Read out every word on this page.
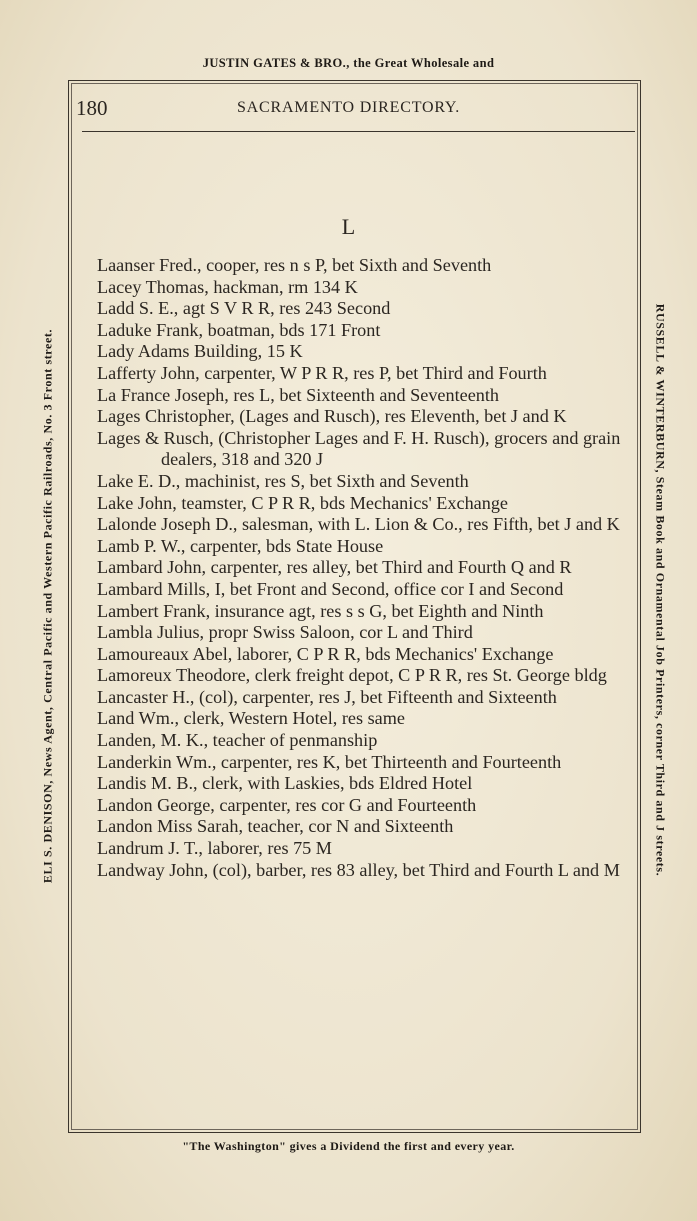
JUSTIN GATES & BRO., the Great Wholesale and
ELI S. DENISON, News Agent, Central Pacific and Western Pacific Railroads, No. 3 Front street.	RUSSELL & WINTERBURN, Steam Book and Ornamental Job Printers, corner Third and J streets.
180	SACRAMENTO DIRECTORY.
L
Laanser Fred., cooper, res n s P, bet Sixth and Seventh
Lacey Thomas, hackman, rm 134 K
Ladd S. E., agt S V R R, res 243 Second
Laduke Frank, boatman, bds 171 Front
Lady Adams Building, 15 K
Lafferty John, carpenter, W P R R, res P, bet Third and Fourth
La France Joseph, res L, bet Sixteenth and Seventeenth
Lages Christopher, (Lages and Rusch), res Eleventh, bet J and K
Lages & Rusch, (Christopher Lages and F. H. Rusch), grocers and grain dealers, 318 and 320 J
Lake E. D., machinist, res S, bet Sixth and Seventh
Lake John, teamster, C P R R, bds Mechanics' Exchange
Lalonde Joseph D., salesman, with L. Lion & Co., res Fifth, bet J and K
Lamb P. W., carpenter, bds State House
Lambard John, carpenter, res alley, bet Third and Fourth Q and R
Lambard Mills, I, bet Front and Second, office cor I and Second
Lambert Frank, insurance agt, res s s G, bet Eighth and Ninth
Lambla Julius, propr Swiss Saloon, cor L and Third
Lamoureaux Abel, laborer, C P R R, bds Mechanics' Exchange
Lamoreux Theodore, clerk freight depot, C P R R, res St. George bldg
Lancaster H., (col), carpenter, res J, bet Fifteenth and Sixteenth
Land Wm., clerk, Western Hotel, res same
Landen, M. K., teacher of penmanship
Landerkin Wm., carpenter, res K, bet Thirteenth and Fourteenth
Landis M. B., clerk, with Laskies, bds Eldred Hotel
Landon George, carpenter, res cor G and Fourteenth
Landon Miss Sarah, teacher, cor N and Sixteenth
Landrum J. T., laborer, res 75 M
Landway John, (col), barber, res 83 alley, bet Third and Fourth L and M
"The Washington" gives a Dividend the first and every year.
